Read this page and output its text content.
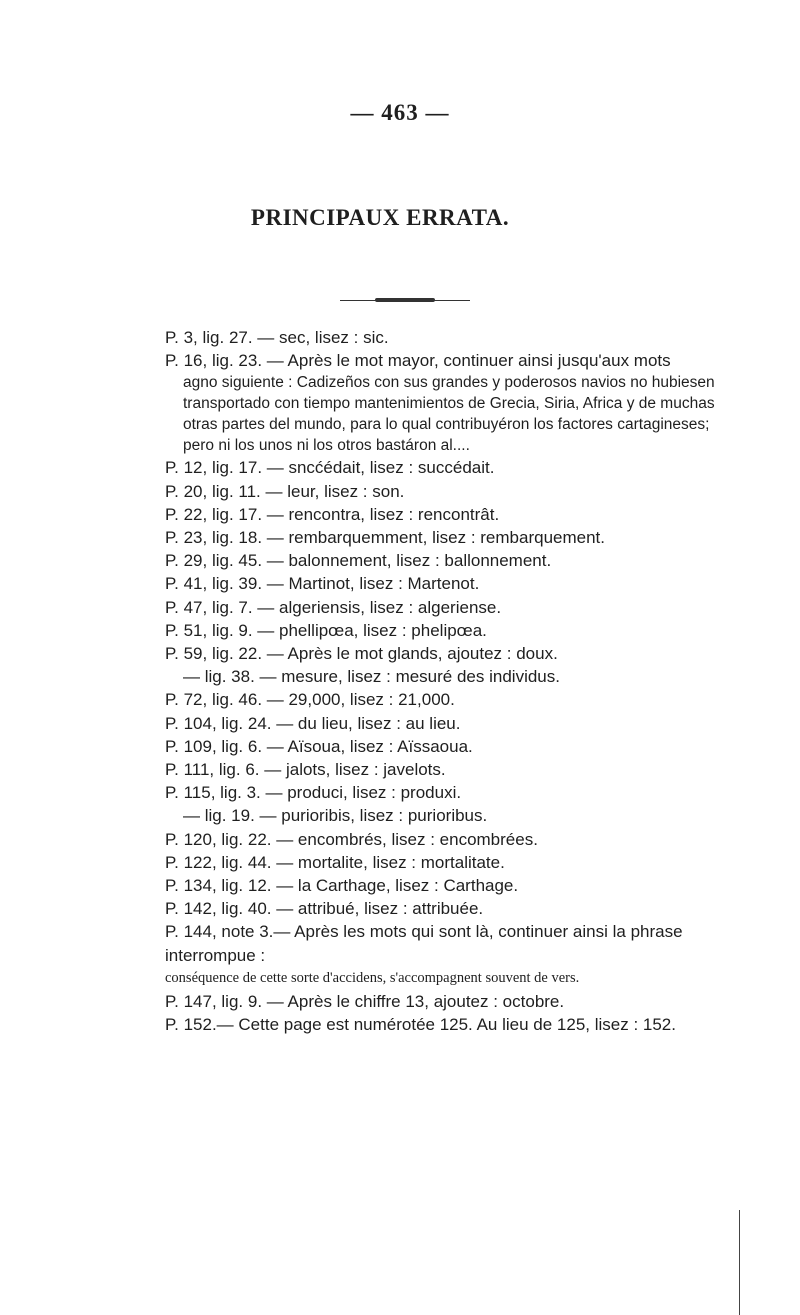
— 463 —
PRINCIPAUX ERRATA.
P. 3, lig. 27. — sec, lisez : sic.
P. 16, lig. 23. — Après le mot mayor, continuer ainsi jusqu'aux mots
agno siguiente : Cadizeños con sus grandes y poderosos navios no hubiesen transportado con tiempo mantenimientos de Grecia, Siria, Africa y de muchas otras partes del mundo, para lo qual contribuyéron los factores cartagineses; pero ni los unos ni los otros bastáron al....
P. 12, lig. 17. — sncćédait, lisez : succédait.
P. 20, lig. 11. — leur, lisez : son.
P. 22, lig. 17. — rencontra, lisez : rencontrât.
P. 23, lig. 18. — rembarquemment, lisez : rembarquement.
P. 29, lig. 45. — balonnement, lisez : ballonnement.
P. 41, lig. 39. — Martinot, lisez : Martenot.
P. 47, lig. 7. — algeriensis, lisez : algeriense.
P. 51, lig. 9. — phellipœa, lisez : phelipœa.
P. 59, lig. 22. — Après le mot glands, ajoutez : doux.
— lig. 38. — mesure, lisez : mesuré des individus.
P. 72, lig. 46. — 29,000, lisez : 21,000.
P. 104, lig. 24. — du lieu, lisez : au lieu.
P. 109, lig. 6. — Aïsoua, lisez : Aïssaoua.
P. 111, lig. 6. — jalots, lisez : javelots.
P. 115, lig. 3. — produci, lisez : produxi.
— lig. 19. — purioribis, lisez : purioribus.
P. 120, lig. 22. — encombrés, lisez : encombrées.
P. 122, lig. 44. — mortalite, lisez : mortalitate.
P. 134, lig. 12. — la Carthage, lisez : Carthage.
P. 142, lig. 40. — attribué, lisez : attribuée.
P. 144, note 3.— Après les mots qui sont là, continuer ainsi la phrase interrompue :
conséquence de cette sorte d'accidens, s'accompagnent souvent de vers.
P. 147, lig. 9. — Après le chiffre 13, ajoutez : octobre.
P. 152.— Cette page est numérotée 125. Au lieu de 125, lisez : 152.
